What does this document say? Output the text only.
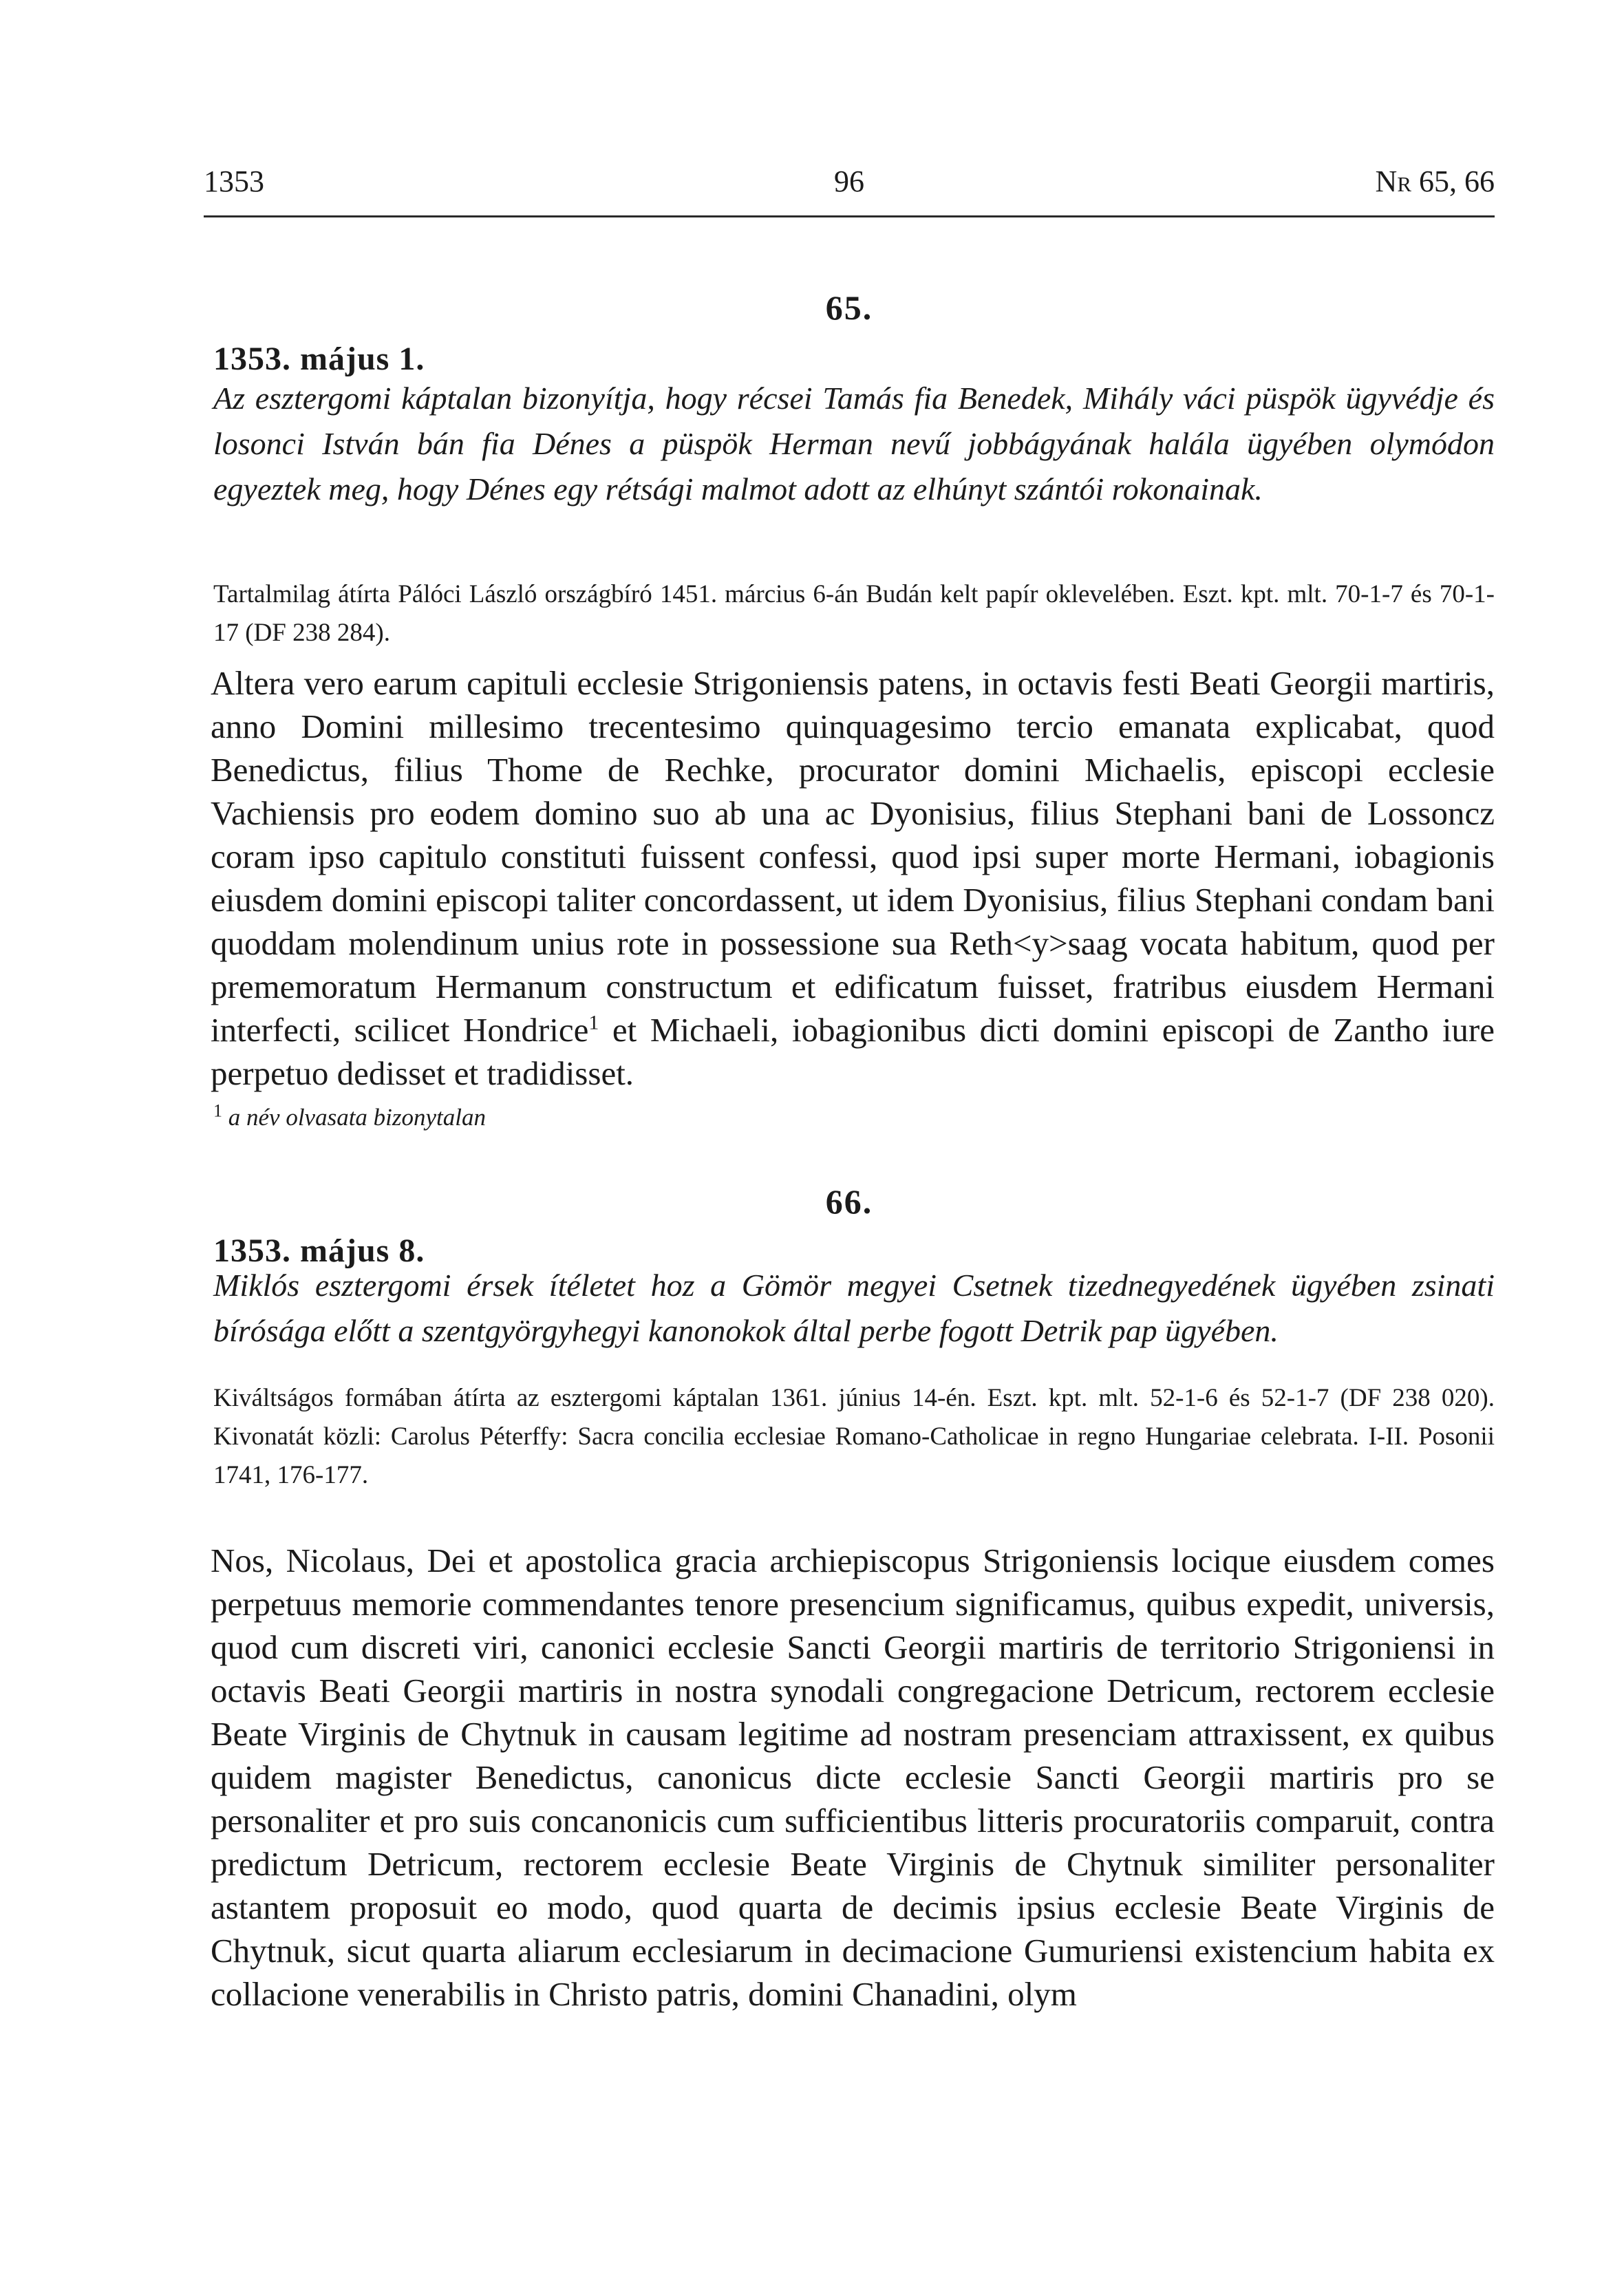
1353	96	Nr 65, 66
65.
1353. május 1.
Az esztergomi káptalan bizonyítja, hogy récsei Tamás fia Benedek, Mihály váci püspök ügyvédje és losonci István bán fia Dénes a püspök Herman nevű jobbágyának halála ügyében olymódon egyeztek meg, hogy Dénes egy rétsági malmot adott az elhúnyt szántói rokonainak.
Tartalmilag átírta Pálóci László országbíró 1451. március 6-án Budán kelt papír oklevelében. Eszt. kpt. mlt. 70-1-7 és 70-1-17 (DF 238 284).
Altera vero earum capituli ecclesie Strigoniensis patens, in octavis festi Beati Georgii martiris, anno Domini millesimo trecentesimo quinquagesimo tercio emanata explicabat, quod Benedictus, filius Thome de Rechke, procurator domini Michaelis, episcopi ecclesie Vachiensis pro eodem domino suo ab una ac Dyonisius, filius Stephani bani de Lossoncz coram ipso capitulo constituti fuissent confessi, quod ipsi super morte Hermani, iobagionis eiusdem domini episcopi taliter concordassent, ut idem Dyonisius, filius Stephani condam bani quoddam molendinum unius rote in possessione sua Reth<y>saag vocata habitum, quod per prememoratum Hermanum constructum et edificatum fuisset, fratribus eiusdem Hermani interfecti, scilicet Hondrice$^1$ et Michaeli, iobagionibus dicti domini episcopi de Zantho iure perpetuo dedisset et tradidisset.
$^1$ a név olvasata bizonytalan
66.
1353. május 8.
Miklós esztergomi érsek ítéletet hoz a Gömör megyei Csetnek tizednegyedének ügyében zsinati bírósága előtt a szentgyörgyhegyi kanonokok által perbe fogott Detrik pap ügyében.
Kiváltságos formában átírta az esztergomi káptalan 1361. június 14-én. Eszt. kpt. mlt. 52-1-6 és 52-1-7 (DF 238 020). Kivonatát közli: Carolus Péterffy: Sacra concilia ecclesiae Romano-Catholicae in regno Hungariae celebrata. I-II. Posonii 1741, 176-177.
Nos, Nicolaus, Dei et apostolica gracia archiepiscopus Strigoniensis locique eiusdem comes perpetuus memorie commendantes tenore presencium significamus, quibus expedit, universis, quod cum discreti viri, canonici ecclesie Sancti Georgii martiris de territorio Strigoniensi in octavis Beati Georgii martiris in nostra synodali congregacione Detricum, rectorem ecclesie Beate Virginis de Chytnuk in causam legitime ad nostram presenciam attraxissent, ex quibus quidem magister Benedictus, canonicus dicte ecclesie Sancti Georgii martiris pro se personaliter et pro suis concanonicis cum sufficientibus litteris procuratoriis comparuit, contra predictum Detricum, rectorem ecclesie Beate Virginis de Chytnuk similiter personaliter astantem proposuit eo modo, quod quarta de decimis ipsius ecclesie Beate Virginis de Chytnuk, sicut quarta aliarum ecclesiarum in decimacione Gumuriensi existencium habita ex collacione venerabilis in Christo patris, domini Chanadini, olym
